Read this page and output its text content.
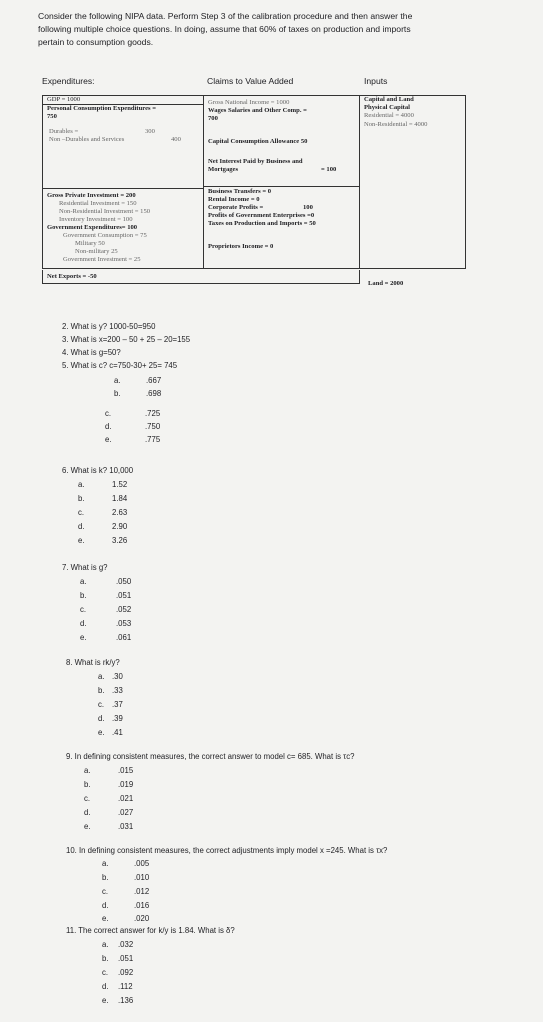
Consider the following NIPA data. Perform Step 3 of the calibration procedure and then answer the
following multiple choice questions. In doing, assume that 60% of taxes on production and imports
pertain to consumption goods.
Expenditures:	Claims to Value Added	Inputs
GDP = 1000
Personal Consumption Expenditures =
750
Durables =	300
Non –Durables and Services	400
Gross Private Investment = 200
Residential Investment = 150
Non-Residential Investment = 150
Inventory Investment = 100
Government Expenditures= 100
Government Consumption = 75
Military 50
Non-military 25
Government Investment = 25
Gross National Income = 1000
Wages Salaries and Other Comp. =
700
Capital Consumption Allowance 50
Net Interest Paid by Business and
Mortgages	= 100
Business Transfers = 0
Rental Income = 0
Corporate Profits =	100
Profits of Government Enterprises =0
Taxes on Production and Imports = 50
Proprietors Income = 0
Capital and Land
Physical Capital
Residential = 4000
Non-Residential = 4000
Land = 2000
Net Exports = -50
2. What is y? 1000-50=950
3. What is x=200 – 50 + 25 – 20=155
4. What is g=50?
5. What is c? c=750-30+ 25= 745
a.	.667
b.	.698
c.	.725
d.	.750
e.	.775
6. What is k? 10,000
a.	1.52
b.	1.84
c.	2.63
d.	2.90
e.	3.26
7. What is g?
a.	.050
b.	.051
c.	.052
d.	.053
e.	.061
8. What is rk/y?
a. .30
b. .33
c. .37
d. .39
e. .41
9. In defining consistent measures, the correct answer to model c= 685. What is τc?
a.	.015
b.	.019
c.	.021
d.	.027
e.	.031
10. In defining consistent measures, the correct adjustments imply model x =245. What is τx?
a.	.005
b.	.010
c.	.012
d.	.016
e.	.020
11. The correct answer for k/y is 1.84. What is δ?
a. .032
b. .051
c. .092
d. .112
e. .136
